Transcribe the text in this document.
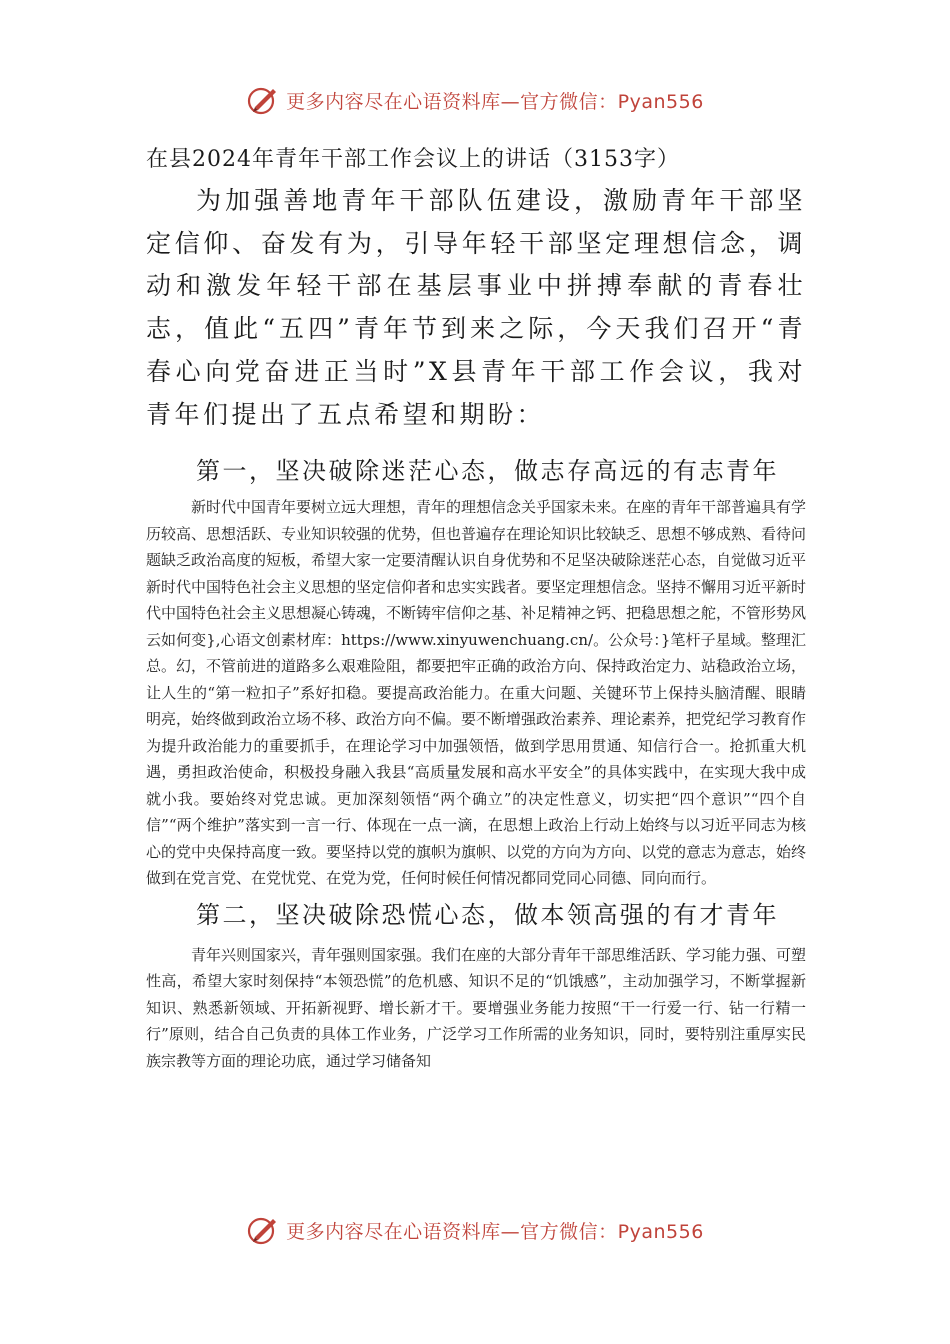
更多内容尽在心语资料库—官方微信：Pyan556
在县2024年青年干部工作会议上的讲话（3153字）

为加强善地青年干部队伍建设，激励青年干部坚定信仰、奋发有为，引导年轻干部坚定理想信念，调动和激发年轻干部在基层事业中拼搏奉献的青春壮志，值此“五四”青年节到来之际，今天我们召开“青春心向党奋进正当时”X县青年干部工作会议，我对青年们提出了五点希望和期盼：

第一，坚决破除迷茫心态，做志存高远的有志青年

新时代中国青年要树立远大理想，青年的理想信念关乎国家未来。在座的青年干部普遍具有学历较高、思想活跃、专业知识较强的优势，但也普遍存在理论知识比较缺乏、思想不够成熟、看待问题缺乏政治高度的短板，希望大家一定要清醒认识自身优势和不足坚决破除迷茫心态，自觉做习近平新时代中国特色社会主义思想的坚定信仰者和忠实实践者。要坚定理想信念。坚持不懈用习近平新时代中国特色社会主义思想凝心铸魂，不断铸牢信仰之基、补足精神之钙、把稳思想之舵，不管形势风云如何变},心语文创素材库：https://www.xinyuwenchuang.cn/。公众号：}笔杆子星域。整理汇总。幻，不管前进的道路多么艰难险阻，都要把牢正确的政治方向、保持政治定力、站稳政治立场，让人生的“第一粒扣子”系好扣稳。要提高政治能力。在重大问题、关键环节上保持头脑清醒、眼睛明亮，始终做到政治立场不移、政治方向不偏。要不断增强政治素养、理论素养，把党纪学习教育作为提升政治能力的重要抓手，在理论学习中加强领悟，做到学思用贯通、知信行合一。抢抓重大机遇，勇担政治使命，积极投身融入我县“高质量发展和高水平安全”的具体实践中，在实现大我中成就小我。要始终对党忠诚。更加深刻领悟“两个确立”的决定性意义，切实把“四个意识”“四个自信”“两个维护”落实到一言一行、体现在一点一滴，在思想上政治上行动上始终与以习近平同志为核心的党中央保持高度一致。要坚持以党的旗帜为旗帜、以党的方向为方向、以党的意志为意志，始终做到在党言党、在党忧党、在党为党，任何时候任何情况都同党同心同德、同向而行。

第二，坚决破除恐慌心态，做本领高强的有才青年

青年兴则国家兴，青年强则国家强。我们在座的大部分青年干部思维活跃、学习能力强、可塑性高，希望大家时刻保持“本领恐慌”的危机感、知识不足的“饥饿感”，主动加强学习，不断掌握新知识、熟悉新领域、开拓新视野、增长新才干。要增强业务能力按照“干一行爱一行、钻一行精一行”原则，结合自己负责的具体工作业务，广泛学习工作所需的业务知识，同时，要特别注重厚实民族宗教等方面的理论功底，通过学习储备知

更多内容尽在心语资料库—官方微信：Pyan556
